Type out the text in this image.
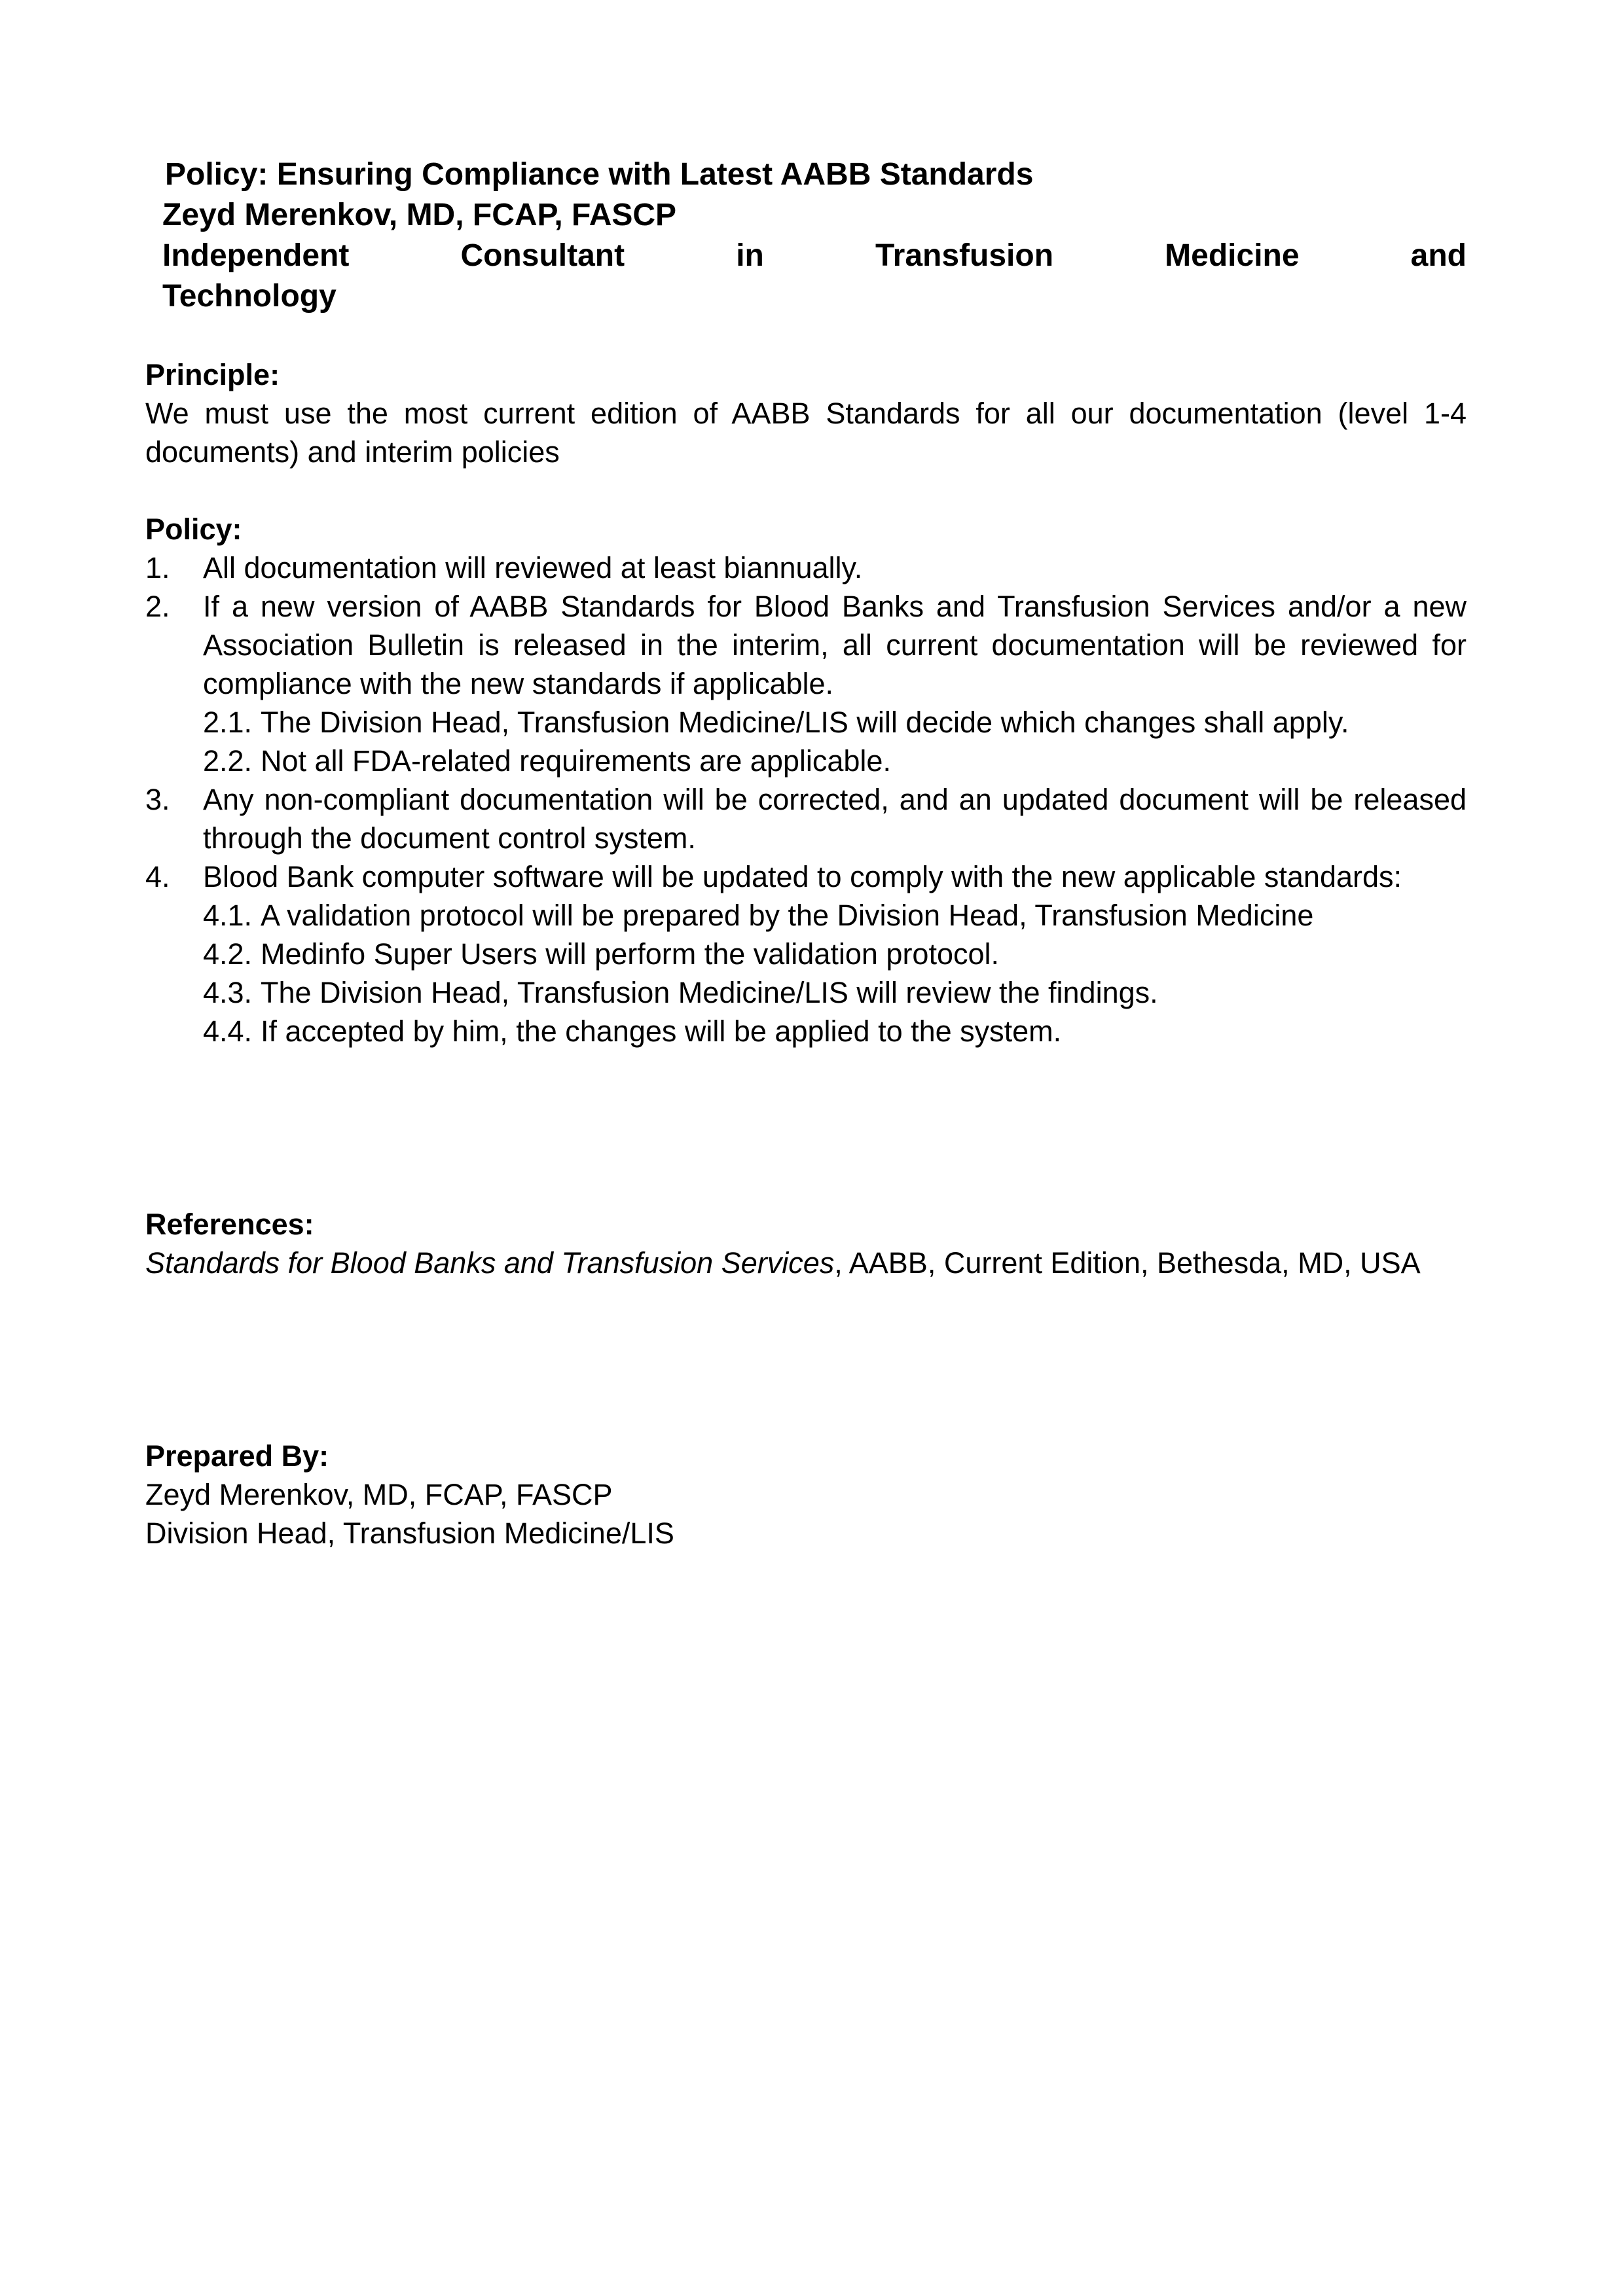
Policy: Ensuring Compliance with Latest AABB Standards
Zeyd Merenkov, MD, FCAP, FASCP
Independent Consultant in Transfusion Medicine and
Technology
Principle:
We must use the most current edition of AABB Standards for all our documentation (level 1-4 documents) and interim policies
Policy:
1.	All documentation will reviewed at least biannually.
2.	If a new version of AABB Standards for Blood Banks and Transfusion Services and/or a new Association Bulletin is released in the interim, all current documentation will be reviewed for compliance with the new standards if applicable.
2.1. The Division Head, Transfusion Medicine/LIS will decide which changes shall apply.
2.2. Not all FDA-related requirements are applicable.
3.	Any non-compliant documentation will be corrected, and an updated document will be released through the document control system.
4.	Blood Bank computer software will be updated to comply with the new applicable standards:
4.1. A validation protocol will be prepared by the Division Head, Transfusion Medicine
4.2. Medinfo Super Users will perform the validation protocol.
4.3. The Division Head, Transfusion Medicine/LIS will review the findings.
4.4. If accepted by him, the changes will be applied to the system.
References:
Standards for Blood Banks and Transfusion Services, AABB, Current Edition, Bethesda, MD, USA
Prepared By:
Zeyd Merenkov, MD, FCAP, FASCP
Division Head, Transfusion Medicine/LIS
